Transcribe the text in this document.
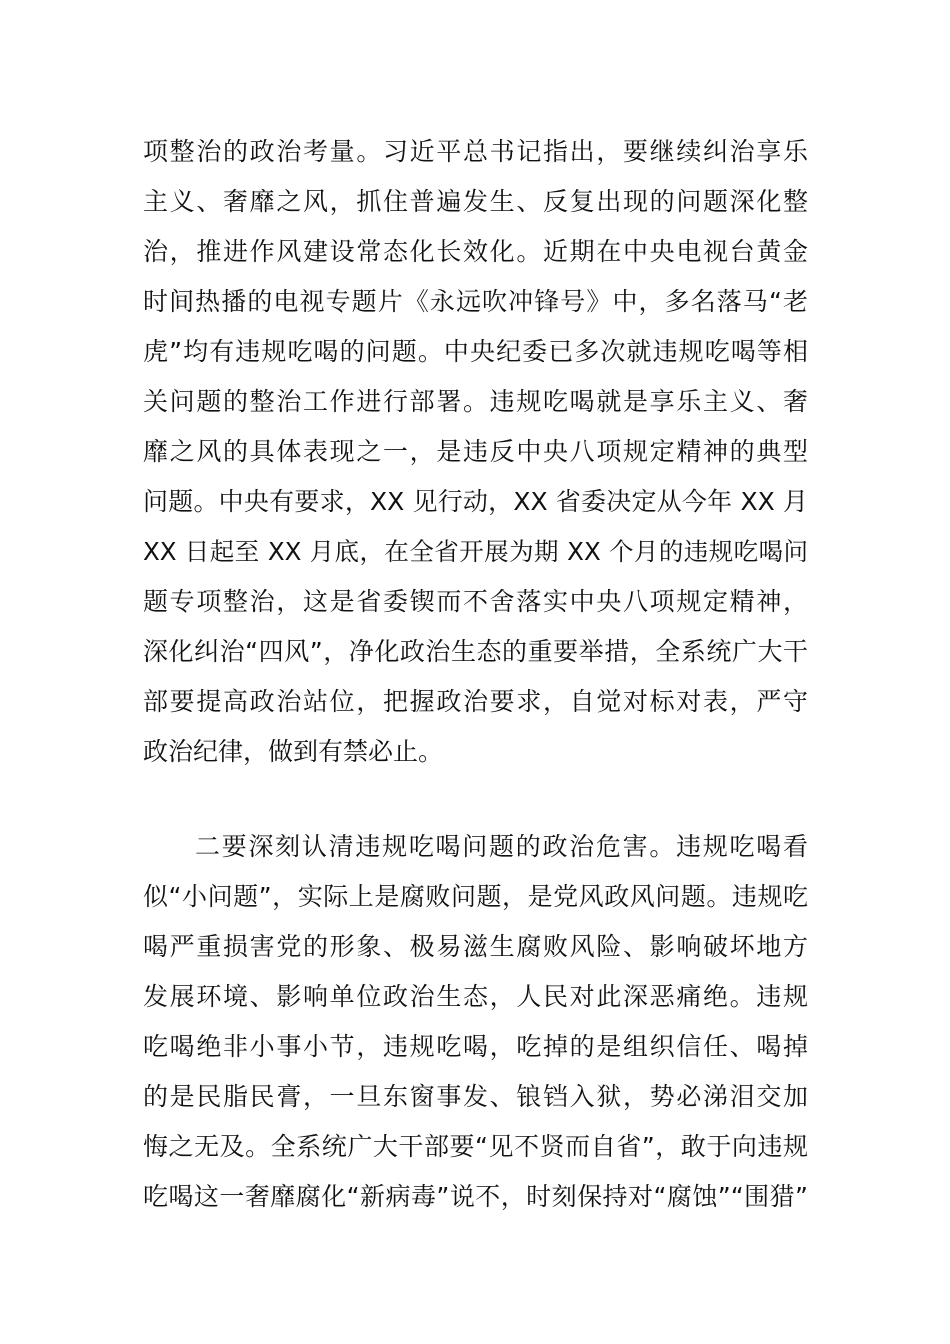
项整治的政治考量。习近平总书记指出，要继续纠治享乐
主义、奢靡之风，抓住普遍发生、反复出现的问题深化整
治，推进作风建设常态化长效化。近期在中央电视台黄金
时间热播的电视专题片《永远吹冲锋号》中，多名落马“老
虎”均有违规吃喝的问题。中央纪委已多次就违规吃喝等相
关问题的整治工作进行部署。违规吃喝就是享乐主义、奢
靡之风的具体表现之一，是违反中央八项规定精神的典型
问题。中央有要求，XX 见行动，XX 省委决定从今年 XX 月
XX 日起至 XX 月底，在全省开展为期 XX 个月的违规吃喝问
题专项整治，这是省委锲而不舍落实中央八项规定精神，
深化纠治“四风”，净化政治生态的重要举措，全系统广大干
部要提高政治站位，把握政治要求，自觉对标对表，严守
政治纪律，做到有禁必止。
二要深刻认清违规吃喝问题的政治危害。违规吃喝看
似“小问题”，实际上是腐败问题，是党风政风问题。违规吃
喝严重损害党的形象、极易滋生腐败风险、影响破坏地方
发展环境、影响单位政治生态，人民对此深恶痛绝。违规
吃喝绝非小事小节，违规吃喝，吃掉的是组织信任、喝掉
的是民脂民膏，一旦东窗事发、锒铛入狱，势必涕泪交加
悔之无及。全系统广大干部要“见不贤而自省”，敢于向违规
吃喝这一奢靡腐化“新病毒”说不，时刻保持对“腐蚀”“围猎”
